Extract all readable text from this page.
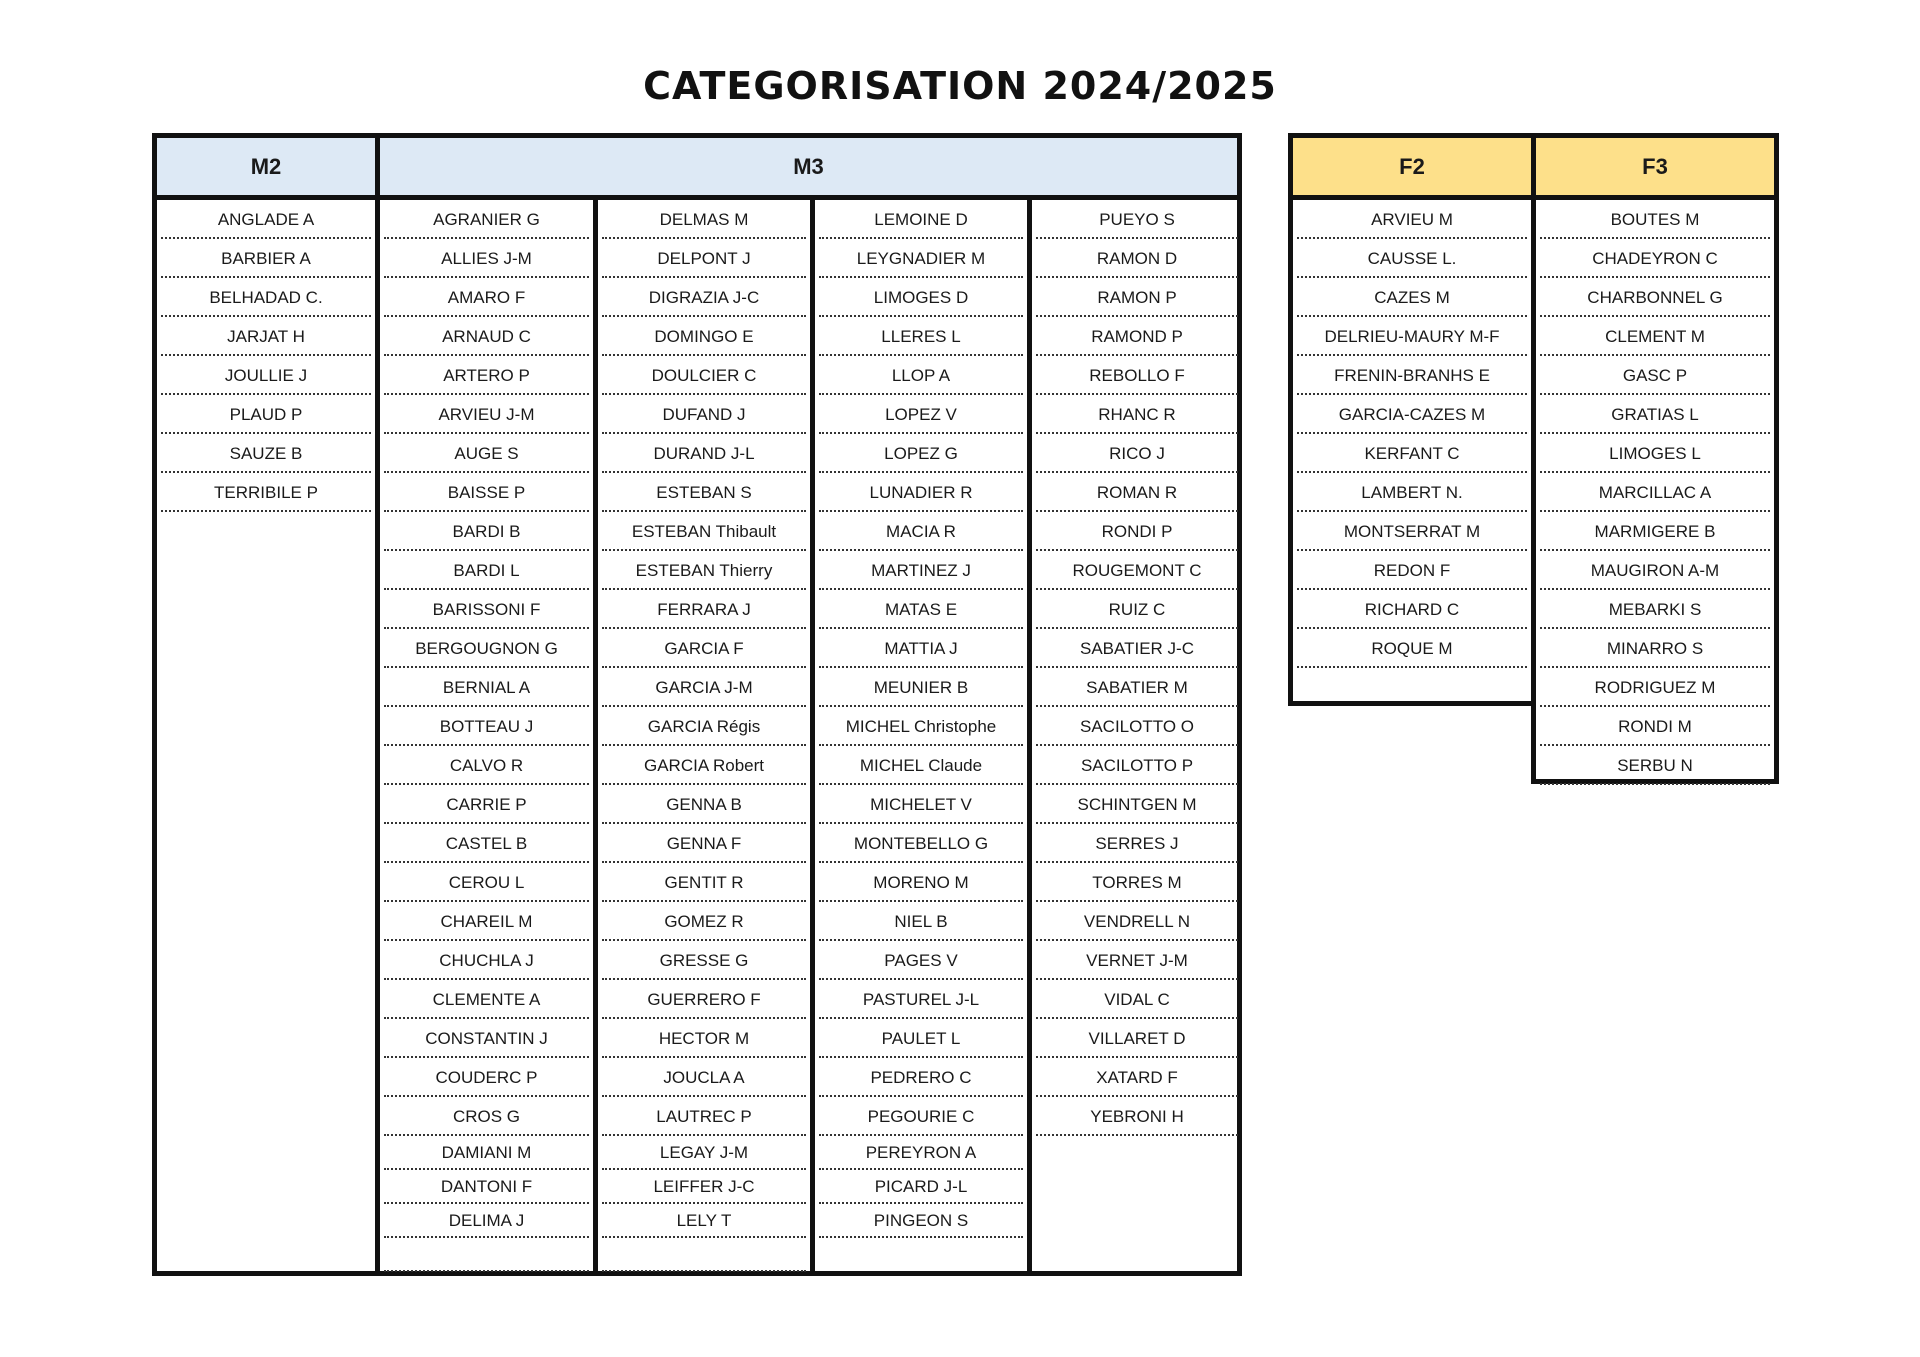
CATEGORISATION 2024/2025
M2	M3
ANGLADE A
BARBIER A
BELHADAD C.
JARJAT H
JOULLIE J
PLAUD P
SAUZE B
TERRIBILE P
AGRANIER G
ALLIES J-M
AMARO F
ARNAUD C
ARTERO P
ARVIEU J-M
AUGE S
BAISSE P
BARDI B
BARDI L
BARISSONI F
BERGOUGNON G
BERNIAL A
BOTTEAU J
CALVO R
CARRIE P
CASTEL B
CEROU L
CHAREIL M
CHUCHLA J
CLEMENTE A
CONSTANTIN J
COUDERC P
CROS G
DAMIANI M
DANTONI F
DELIMA J
DELMAS M
DELPONT J
DIGRAZIA J-C
DOMINGO E
DOULCIER C
DUFAND J
DURAND J-L
ESTEBAN S
ESTEBAN Thibault
ESTEBAN Thierry
FERRARA J
GARCIA F
GARCIA J-M
GARCIA Régis
GARCIA Robert
GENNA B
GENNA F
GENTIT R
GOMEZ R
GRESSE G
GUERRERO F
HECTOR M
JOUCLA A
LAUTREC P
LEGAY J-M
LEIFFER J-C
LELY T
LEMOINE D
LEYGNADIER M
LIMOGES D
LLERES L
LLOP A
LOPEZ V
LOPEZ G
LUNADIER R
MACIA R
MARTINEZ J
MATAS E
MATTIA J
MEUNIER B
MICHEL Christophe
MICHEL Claude
MICHELET V
MONTEBELLO G
MORENO M
NIEL B
PAGES V
PASTUREL J-L
PAULET L
PEDRERO C
PEGOURIE C
PEREYRON A
PICARD J-L
PINGEON S
PUEYO S
RAMON D
RAMON P
RAMOND P
REBOLLO F
RHANC R
RICO J
ROMAN R
RONDI P
ROUGEMONT C
RUIZ C
SABATIER J-C
SABATIER M
SACILOTTO O
SACILOTTO P
SCHINTGEN M
SERRES J
TORRES M
VENDRELL N
VERNET J-M
VIDAL C
VILLARET D
XATARD F
YEBRONI H
F2
ARVIEU M
CAUSSE L.
CAZES M
DELRIEU-MAURY M-F
FRENIN-BRANHS E
GARCIA-CAZES M
KERFANT C
LAMBERT N.
MONTSERRAT M
REDON F
RICHARD C
ROQUE M
F3
BOUTES M
CHADEYRON C
CHARBONNEL G
CLEMENT M
GASC P
GRATIAS L
LIMOGES L
MARCILLAC A
MARMIGERE B
MAUGIRON A-M
MEBARKI S
MINARRO S
RODRIGUEZ M
RONDI M
SERBU N
